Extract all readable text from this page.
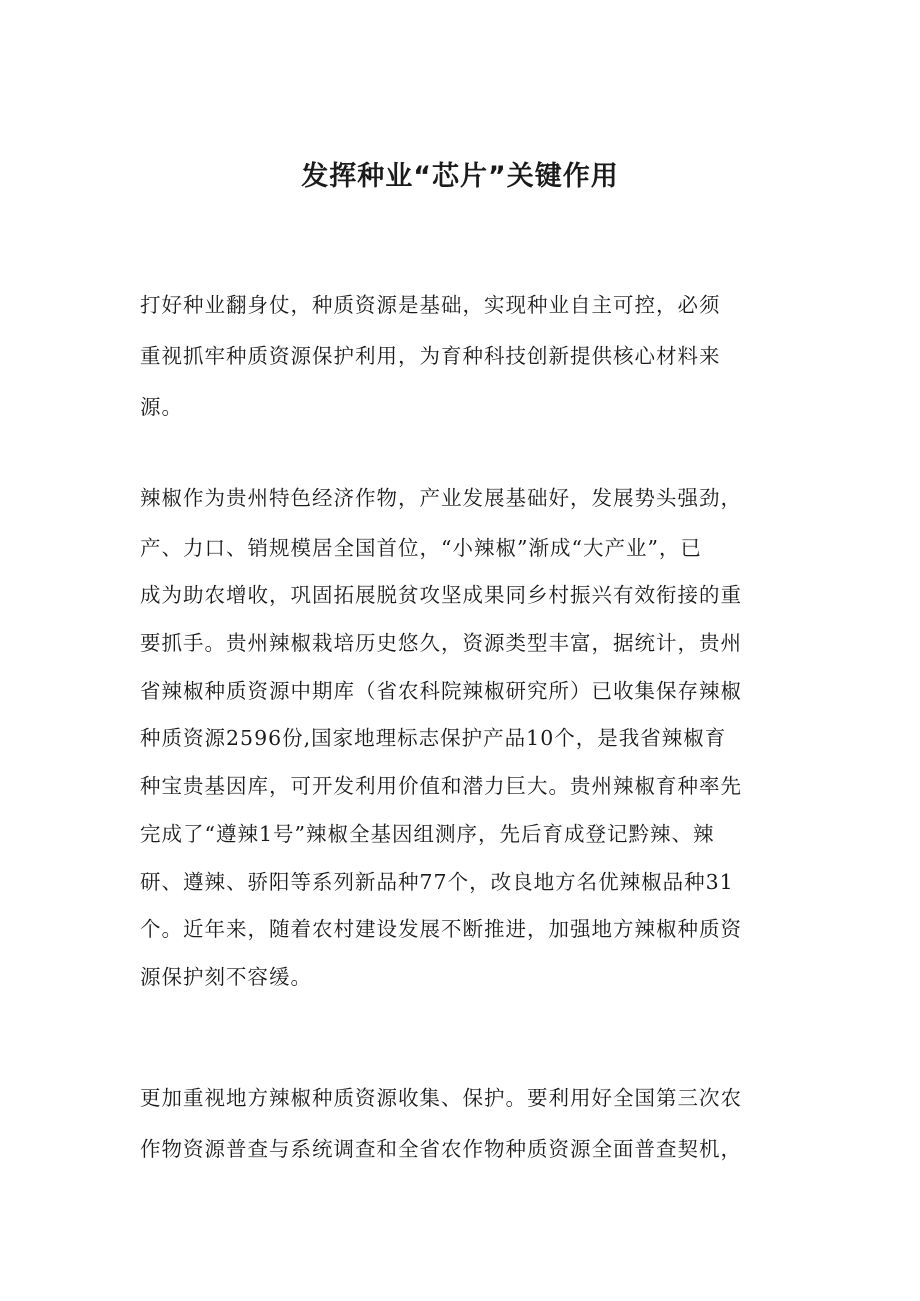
发挥种业“芯片”关键作用

打好种业翻身仗，种质资源是基础，实现种业自主可控，必须

重视抓牢种质资源保护利用，为育种科技创新提供核心材料来

源。

辣椒作为贵州特色经济作物，产业发展基础好，发展势头强劲，

产、力口、销规模居全国首位，“小辣椒”渐成“大产业”，已

成为助农增收，巩固拓展脱贫攻坚成果同乡村振兴有效衔接的重

要抓手。贵州辣椒栽培历史悠久，资源类型丰富，据统计，贵州

省辣椒种质资源中期库（省农科院辣椒研究所）已收集保存辣椒

种质资源2596份,国家地理标志保护产品10个，是我省辣椒育

种宝贵基因库，可开发利用价值和潜力巨大。贵州辣椒育种率先

完成了“遵辣1号”辣椒全基因组测序，先后育成登记黔辣、辣

研、遵辣、骄阳等系列新品种77个，改良地方名优辣椒品种31

个。近年来，随着农村建设发展不断推进，加强地方辣椒种质资

源保护刻不容缓。

更加重视地方辣椒种质资源收集、保护。要利用好全国第三次农

作物资源普查与系统调查和全省农作物种质资源全面普查契机，
